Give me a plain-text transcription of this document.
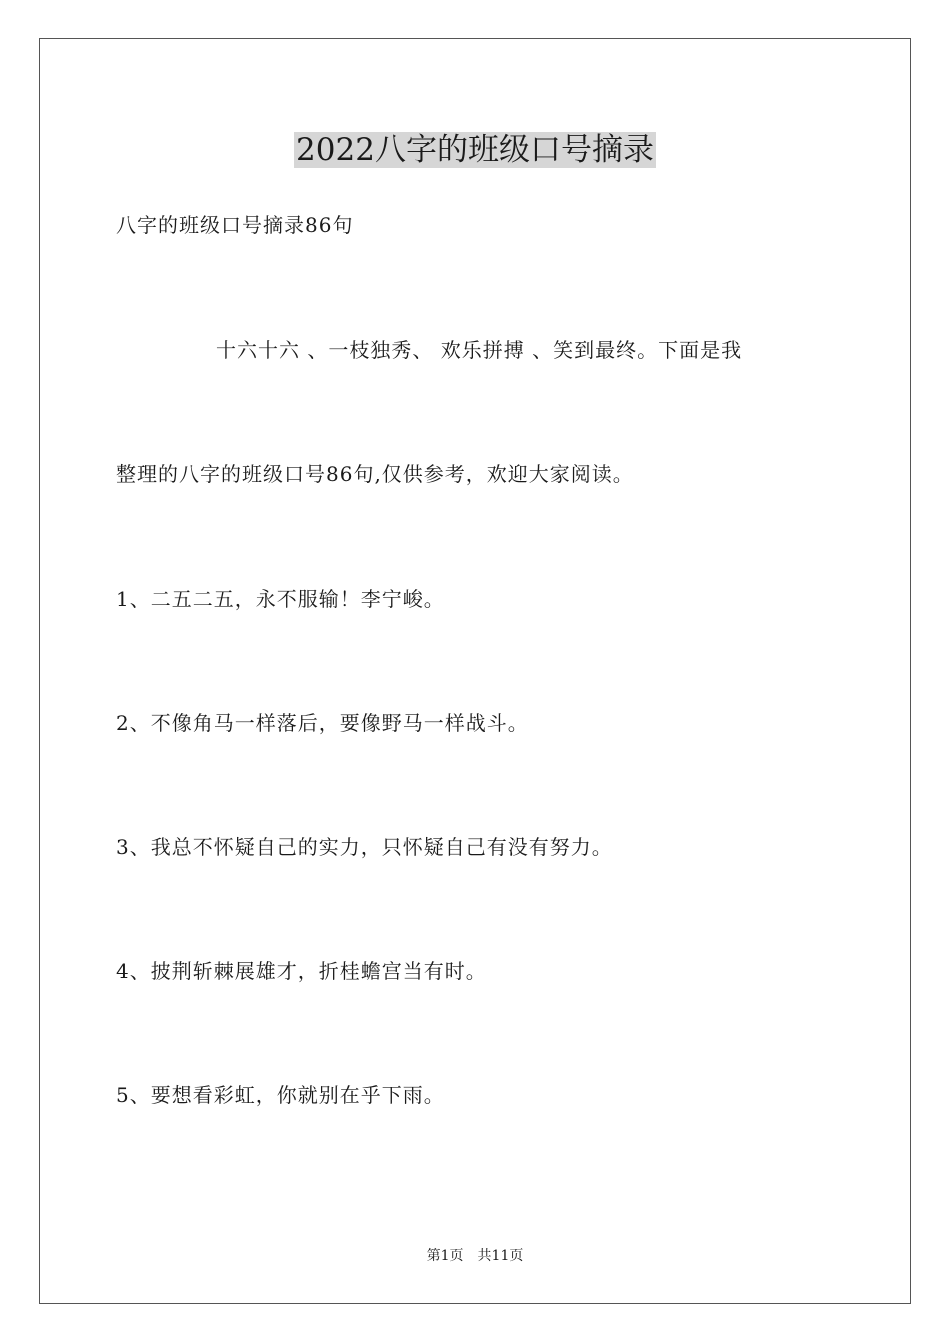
2022八字的班级口号摘录
八字的班级口号摘录86句
十六十六 、一枝独秀、 欢乐拼搏 、笑到最终。下面是我
整理的八字的班级口号86句,仅供参考，欢迎大家阅读。
1、二五二五，永不服输！李宁峻。
2、不像角马一样落后，要像野马一样战斗。
3、我总不怀疑自己的实力，只怀疑自己有没有努力。
4、披荆斩棘展雄才，折桂蟾宫当有时。
5、要想看彩虹，你就别在乎下雨。
第1页 共11页
